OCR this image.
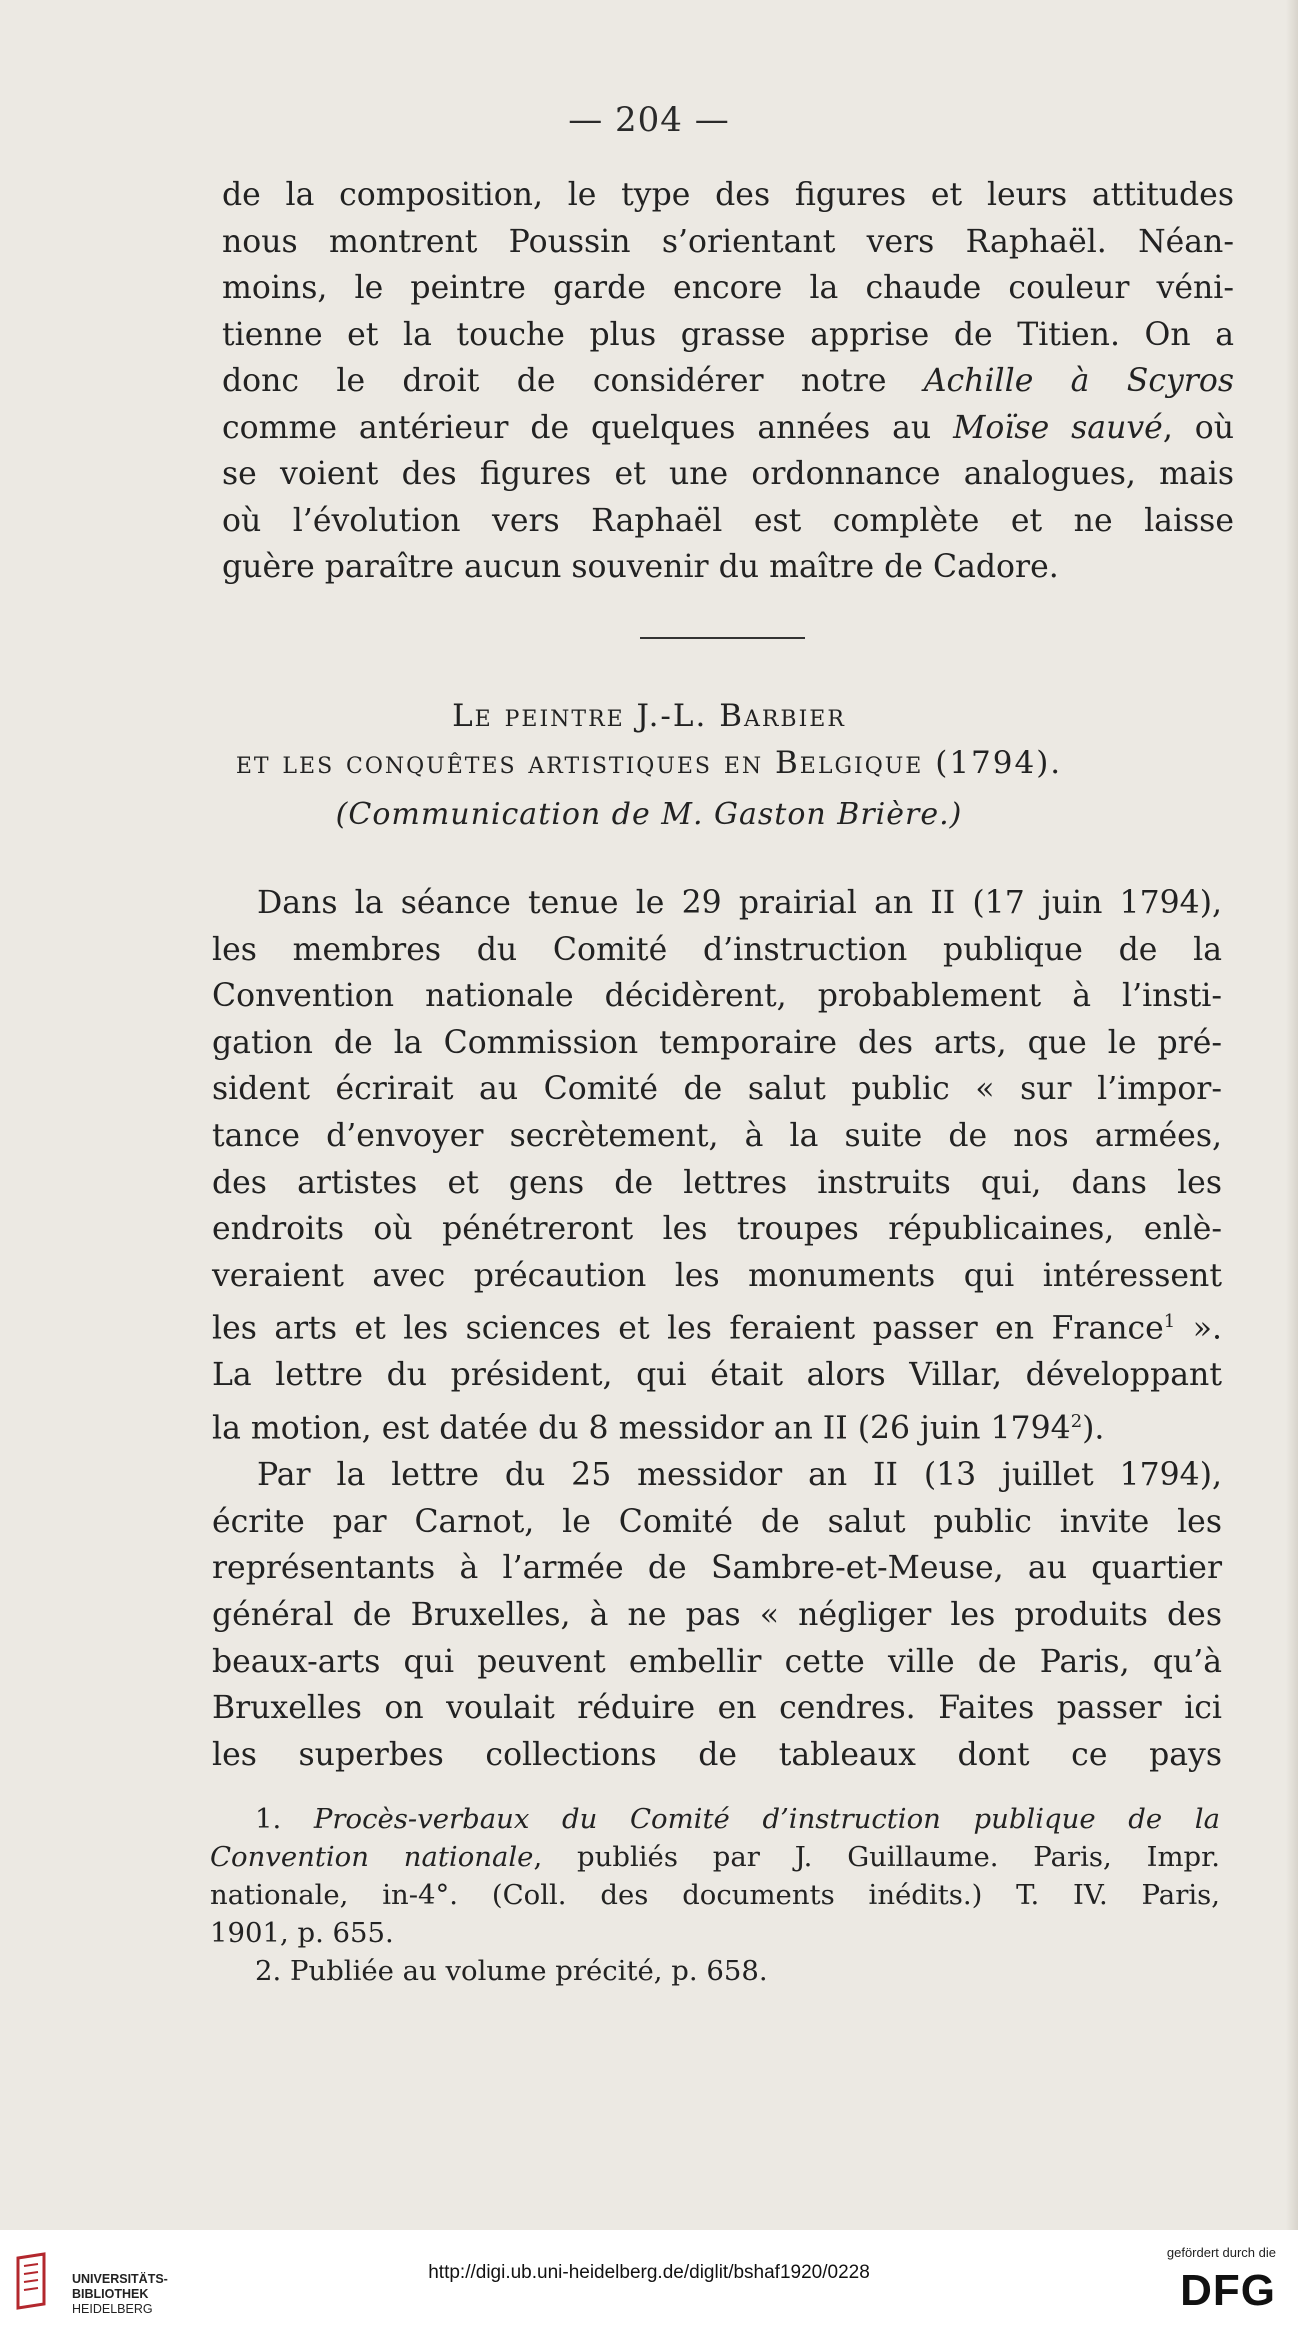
— 204 —
de la composition, le type des figures et leurs attitudes
nous montrent Poussin s’orientant vers Raphaël. Néan-
moins, le peintre garde encore la chaude couleur véni-
tienne et la touche plus grasse apprise de Titien. On a
donc le droit de considérer notre Achille à Scyros
comme antérieur de quelques années au Moïse sauvé, où
se voient des figures et une ordonnance analogues, mais
où l’évolution vers Raphaël est complète et ne laisse
guère paraître aucun souvenir du maître de Cadore.
Le peintre J.-L. Barbier
et les conquêtes artistiques en Belgique (1794).
(Communication de M. Gaston Brière.)
Dans la séance tenue le 29 prairial an II (17 juin 1794),
les membres du Comité d’instruction publique de la
Convention nationale décidèrent, probablement à l’insti-
gation de la Commission temporaire des arts, que le pré-
sident écrirait au Comité de salut public « sur l’impor-
tance d’envoyer secrètement, à la suite de nos armées,
des artistes et gens de lettres instruits qui, dans les
endroits où pénétreront les troupes républicaines, enlè-
veraient avec précaution les monuments qui intéressent
les arts et les sciences et les feraient passer en France$^1$ ».
La lettre du président, qui était alors Villar, développant
la motion, est datée du 8 messidor an II (26 juin 1794$^2$).
Par la lettre du 25 messidor an II (13 juillet 1794),
écrite par Carnot, le Comité de salut public invite les
représentants à l’armée de Sambre-et-Meuse, au quartier
général de Bruxelles, à ne pas « négliger les produits des
beaux-arts qui peuvent embellir cette ville de Paris, qu’à
Bruxelles on voulait réduire en cendres. Faites passer ici
les superbes collections de tableaux dont ce pays
1. Procès-verbaux du Comité d’instruction publique de la
Convention nationale, publiés par J. Guillaume. Paris, Impr.
nationale, in-4°. (Coll. des documents inédits.) T. IV. Paris,
1901, p. 655.
2. Publiée au volume précité, p. 658.
UNIVERSITÄTS-
BIBLIOTHEK
HEIDELBERG
http://digi.ub.uni-heidelberg.de/diglit/bshaf1920/0228
gefördert durch die
DFG
